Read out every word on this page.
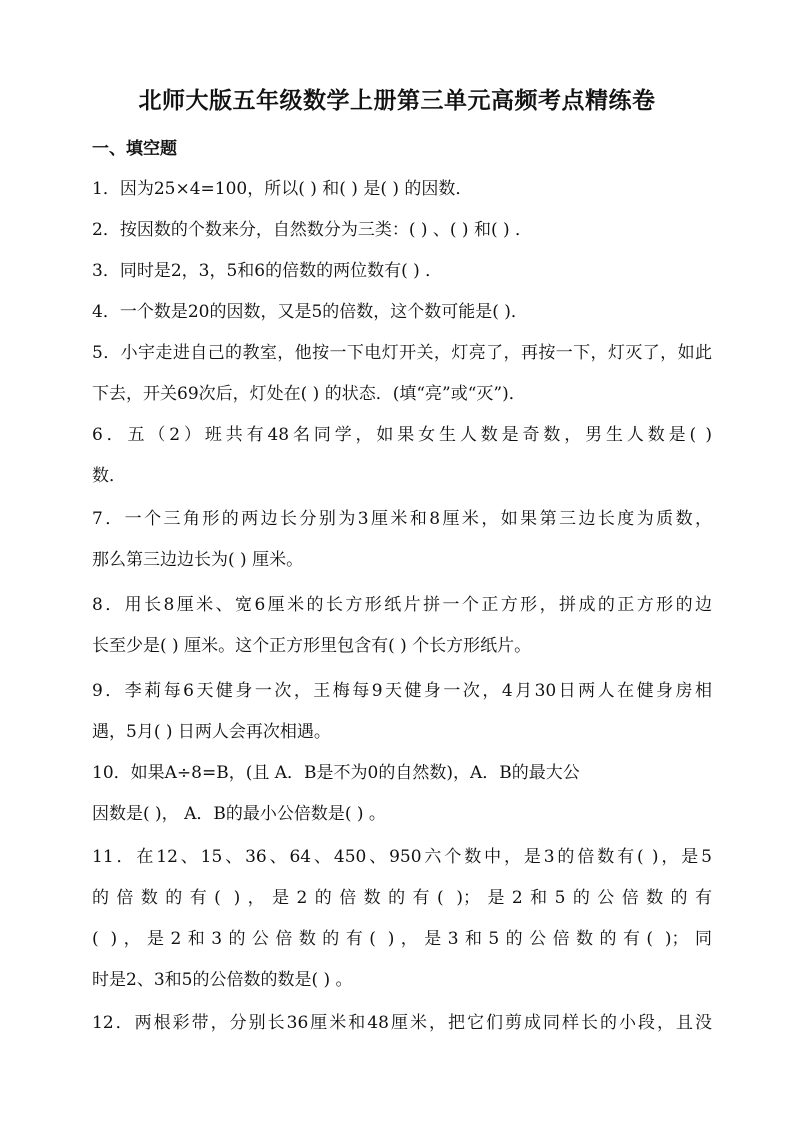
北师大版五年级数学上册第三单元高频考点精练卷
一、填空题
1．因为25×4=100，所以( ) 和( ) 是( ) 的因数．
2．按因数的个数来分，自然数分为三类：( ) 、( ) 和( ) ．
3．同时是2，3，5和6的倍数的两位数有( ) ．
4．一个数是20的因数，又是5的倍数，这个数可能是( )．
5．小宇走进自己的教室，他按一下电灯开关，灯亮了，再按一下，灯灭了，如此
下去，开关69次后，灯处在( ) 的状态．(填“亮”或“灭”)．
6．五（2）班共有48名同学，如果女生人数是奇数，男生人数是( )
数．
7．一个三角形的两边长分别为3厘米和8厘米，如果第三边长度为质数，
那么第三边边长为( ) 厘米。
8．用长8厘米、宽6厘米的长方形纸片拼一个正方形，拼成的正方形的边
长至少是( ) 厘米。这个正方形里包含有( ) 个长方形纸片。
9．李莉每6天健身一次，王梅每9天健身一次，4月30日两人在健身房相
遇，5月( ) 日两人会再次相遇。
10．如果A÷8=B，(且 A．B是不为0的自然数)，A．B的最大公
因数是( )， A．B的最小公倍数是( ) 。
11．在12、15、36、64、450、950六个数中，是3的倍数有( )，是5
的倍数的有( )，是2的倍数的有( )；是2和5的公倍数的有
( )，是2和3的公倍数的有( )，是3和5的公倍数的有( )；同
时是2、3和5的公倍数的数是( ) 。
12．两根彩带，分别长36厘米和48厘米，把它们剪成同样长的小段，且没
